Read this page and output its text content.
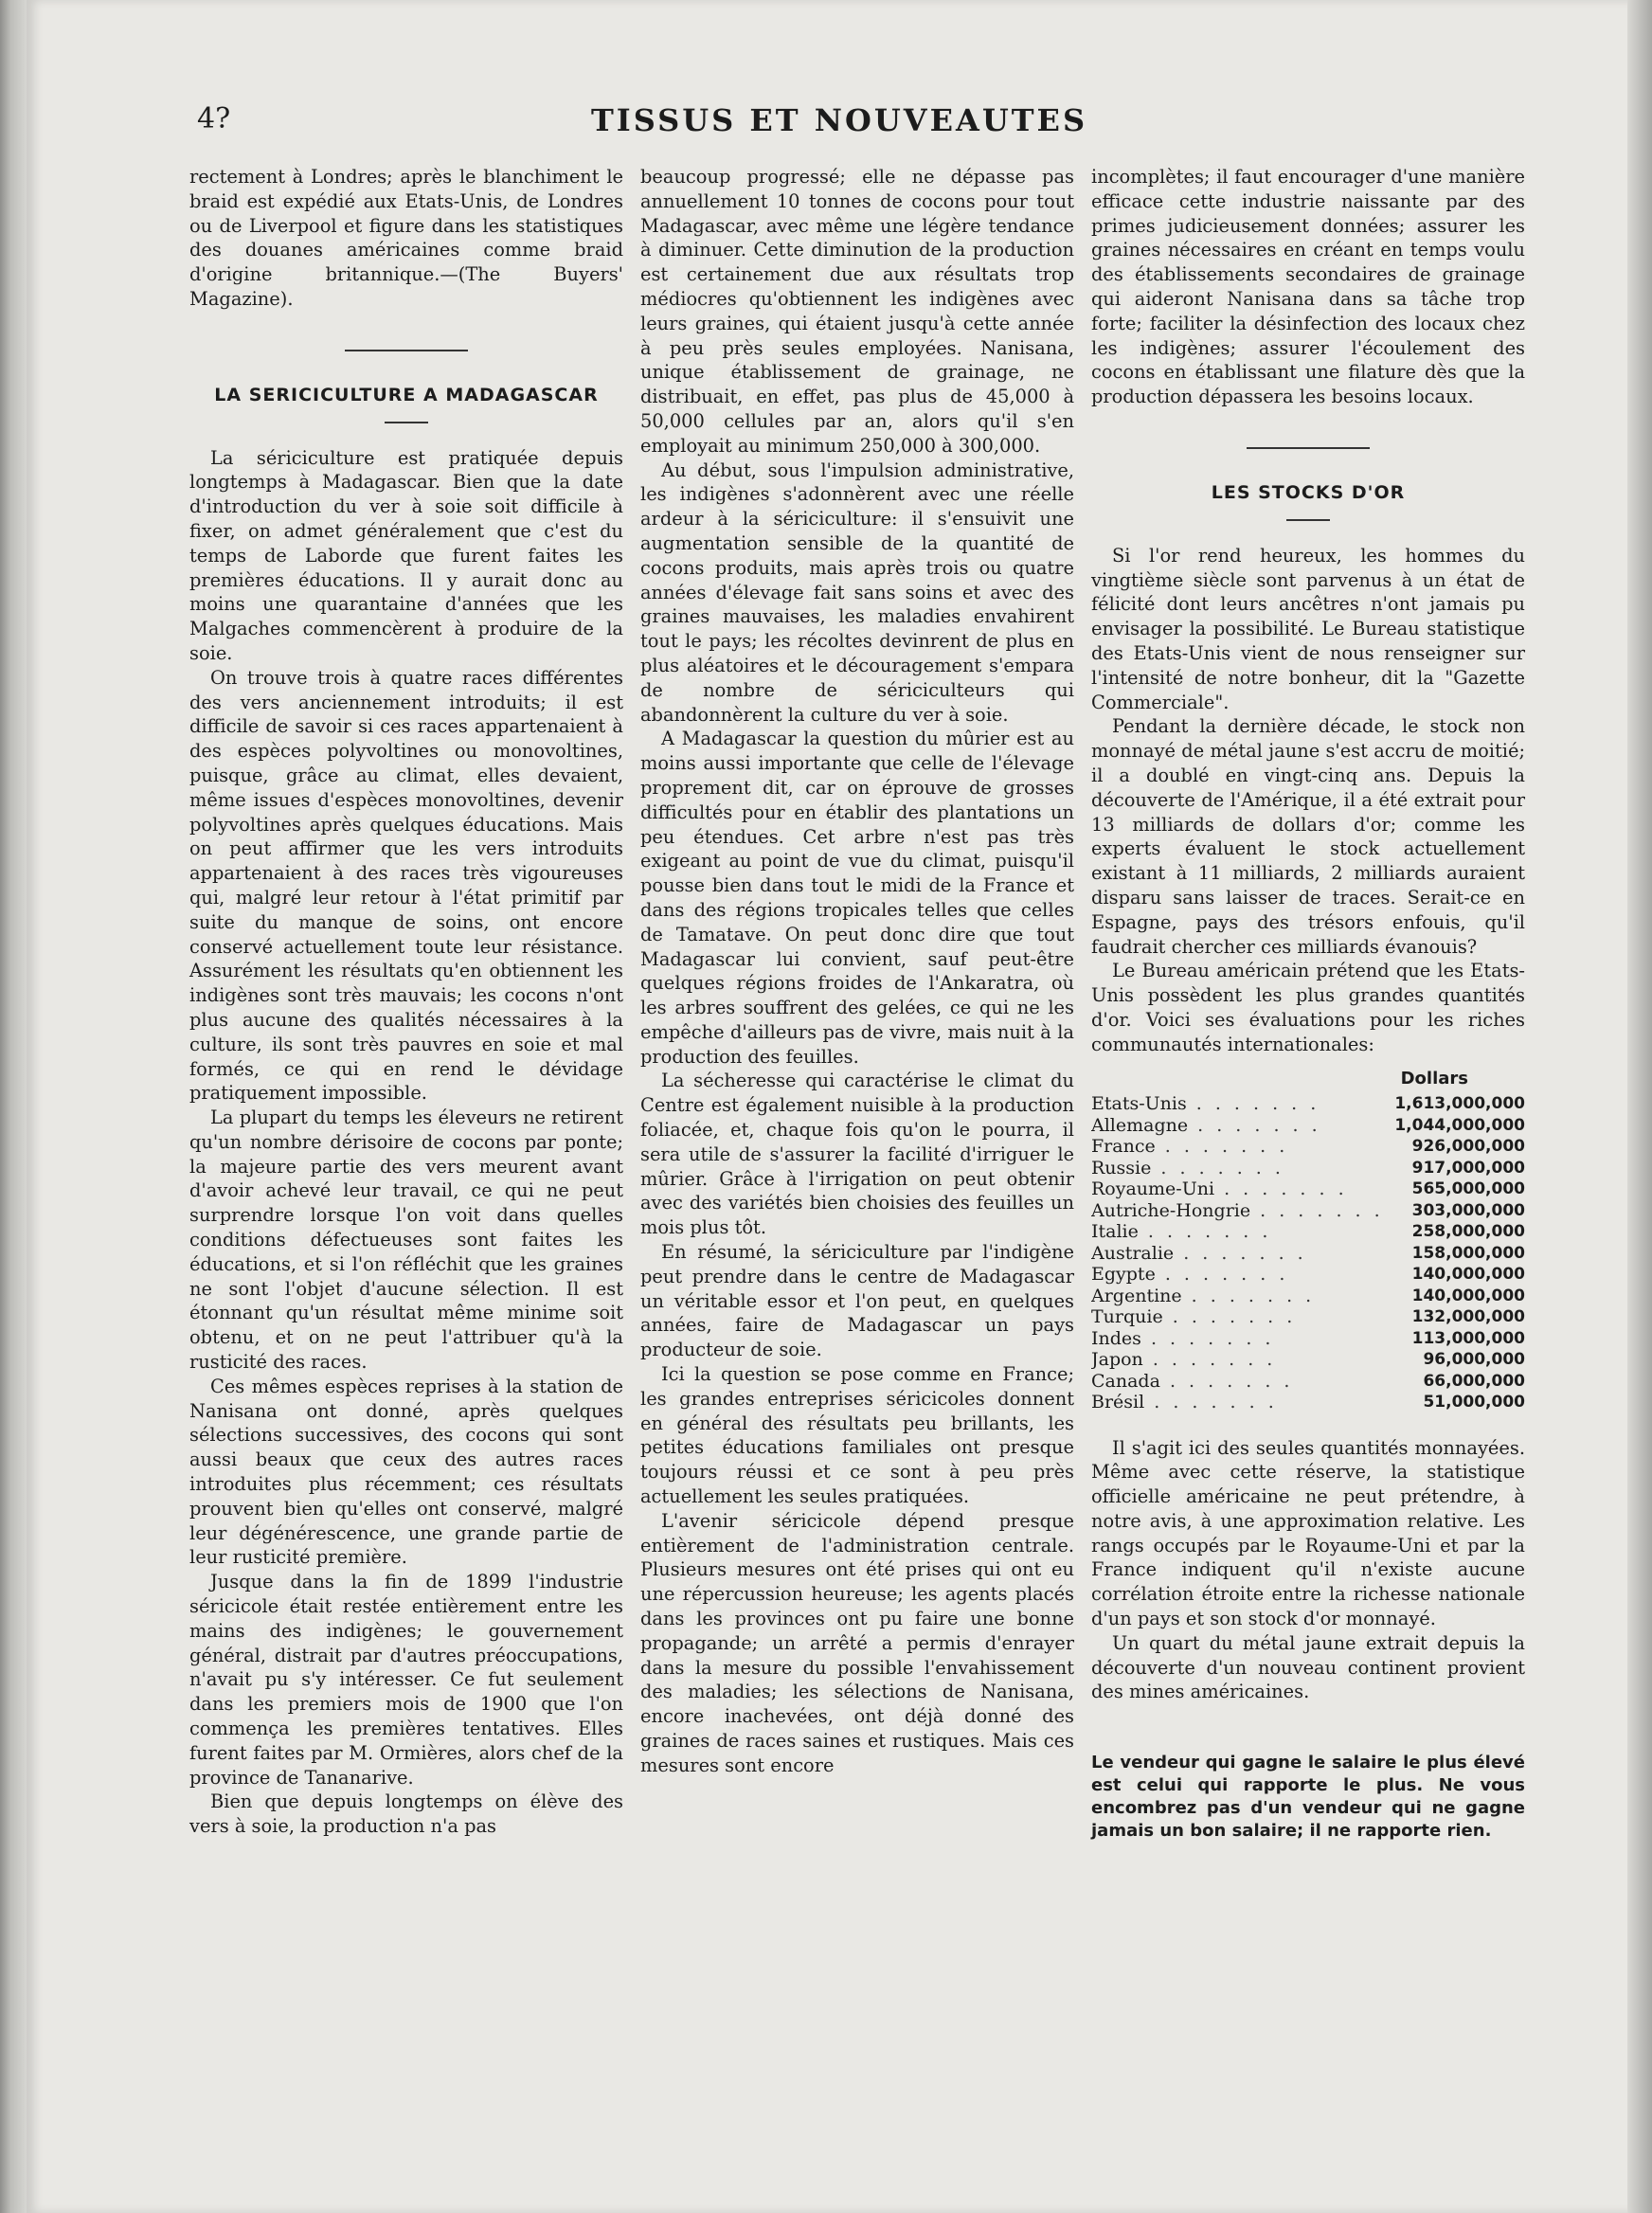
4?	TISSUS ET NOUVEAUTES

rectement à Londres; après le blanchiment le braid est expédié aux Etats-Unis, de Londres ou de Liverpool et figure dans les statistiques des douanes américaines comme braid d'origine britannique.—(The Buyers' Magazine).

LA SERICICULTURE A MADAGASCAR

La sériciculture est pratiquée depuis longtemps à Madagascar. Bien que la date d'introduction du ver à soie soit difficile à fixer, on admet généralement que c'est du temps de Laborde que furent faites les premières éducations. Il y aurait donc au moins une quarantaine d'années que les Malgaches commencèrent à produire de la soie.

On trouve trois à quatre races différentes des vers anciennement introduits; il est difficile de savoir si ces races appartenaient à des espèces polyvoltines ou monovoltines, puisque, grâce au climat, elles devaient, même issues d'espèces monovoltines, devenir polyvoltines après quelques éducations. Mais on peut affirmer que les vers introduits appartenaient à des races très vigoureuses qui, malgré leur retour à l'état primitif par suite du manque de soins, ont encore conservé actuellement toute leur résistance. Assurément les résultats qu'en obtiennent les indigènes sont très mauvais; les cocons n'ont plus aucune des qualités nécessaires à la culture, ils sont très pauvres en soie et mal formés, ce qui en rend le dévidage pratiquement impossible.

La plupart du temps les éleveurs ne retirent qu'un nombre dérisoire de cocons par ponte; la majeure partie des vers meurent avant d'avoir achevé leur travail, ce qui ne peut surprendre lorsque l'on voit dans quelles conditions défectueuses sont faites les éducations, et si l'on réfléchit que les graines ne sont l'objet d'aucune sélection. Il est étonnant qu'un résultat même minime soit obtenu, et on ne peut l'attribuer qu'à la rusticité des races.

Ces mêmes espèces reprises à la station de Nanisana ont donné, après quelques sélections successives, des cocons qui sont aussi beaux que ceux des autres races introduites plus récemment; ces résultats prouvent bien qu'elles ont conservé, malgré leur dégénérescence, une grande partie de leur rusticité première.

Jusque dans la fin de 1899 l'industrie séricicole était restée entièrement entre les mains des indigènes; le gouvernement général, distrait par d'autres préoccupations, n'avait pu s'y intéresser. Ce fut seulement dans les premiers mois de 1900 que l'on commença les premières tentatives. Elles furent faites par M. Ormières, alors chef de la province de Tananarive.

Bien que depuis longtemps on élève des vers à soie, la production n'a pas

beaucoup progressé; elle ne dépasse pas annuellement 10 tonnes de cocons pour tout Madagascar, avec même une légère tendance à diminuer. Cette diminution de la production est certainement due aux résultats trop médiocres qu'obtiennent les indigènes avec leurs graines, qui étaient jusqu'à cette année à peu près seules employées. Nanisana, unique établissement de grainage, ne distribuait, en effet, pas plus de 45,000 à 50,000 cellules par an, alors qu'il s'en employait au minimum 250,000 à 300,000.

Au début, sous l'impulsion administrative, les indigènes s'adonnèrent avec une réelle ardeur à la sériciculture: il s'ensuivit une augmentation sensible de la quantité de cocons produits, mais après trois ou quatre années d'élevage fait sans soins et avec des graines mauvaises, les maladies envahirent tout le pays; les récoltes devinrent de plus en plus aléatoires et le découragement s'empara de nombre de sériciculteurs qui abandonnèrent la culture du ver à soie.

A Madagascar la question du mûrier est au moins aussi importante que celle de l'élevage proprement dit, car on éprouve de grosses difficultés pour en établir des plantations un peu étendues. Cet arbre n'est pas très exigeant au point de vue du climat, puisqu'il pousse bien dans tout le midi de la France et dans des régions tropicales telles que celles de Tamatave. On peut donc dire que tout Madagascar lui convient, sauf peut-être quelques régions froides de l'Ankaratra, où les arbres souffrent des gelées, ce qui ne les empêche d'ailleurs pas de vivre, mais nuit à la production des feuilles.

La sécheresse qui caractérise le climat du Centre est également nuisible à la production foliacée, et, chaque fois qu'on le pourra, il sera utile de s'assurer la facilité d'irriguer le mûrier. Grâce à l'irrigation on peut obtenir avec des variétés bien choisies des feuilles un mois plus tôt.

En résumé, la sériciculture par l'indigène peut prendre dans le centre de Madagascar un véritable essor et l'on peut, en quelques années, faire de Madagascar un pays producteur de soie.

Ici la question se pose comme en France; les grandes entreprises séricicoles donnent en général des résultats peu brillants, les petites éducations familiales ont presque toujours réussi et ce sont à peu près actuellement les seules pratiquées.

L'avenir séricicole dépend presque entièrement de l'administration centrale. Plusieurs mesures ont été prises qui ont eu une répercussion heureuse; les agents placés dans les provinces ont pu faire une bonne propagande; un arrêté a permis d'enrayer dans la mesure du possible l'envahissement des maladies; les sélections de Nanisana, encore inachevées, ont déjà donné des graines de races saines et rustiques. Mais ces mesures sont encore

incomplètes; il faut encourager d'une manière efficace cette industrie naissante par des primes judicieusement données; assurer les graines nécessaires en créant en temps voulu des établissements secondaires de grainage qui aideront Nanisana dans sa tâche trop forte; faciliter la désinfection des locaux chez les indigènes; assurer l'écoulement des cocons en établissant une filature dès que la production dépassera les besoins locaux.

LES STOCKS D'OR

Si l'or rend heureux, les hommes du vingtième siècle sont parvenus à un état de félicité dont leurs ancêtres n'ont jamais pu envisager la possibilité. Le Bureau statistique des Etats-Unis vient de nous renseigner sur l'intensité de notre bonheur, dit la "Gazette Commerciale".

Pendant la dernière décade, le stock non monnayé de métal jaune s'est accru de moitié; il a doublé en vingt-cinq ans. Depuis la découverte de l'Amérique, il a été extrait pour 13 milliards de dollars d'or; comme les experts évaluent le stock actuellement existant à 11 milliards, 2 milliards auraient disparu sans laisser de traces. Serait-ce en Espagne, pays des trésors enfouis, qu'il faudrait chercher ces milliards évanouis?

Le Bureau américain prétend que les Etats-Unis possèdent les plus grandes quantités d'or. Voici ses évaluations pour les riches communautés internationales:

Dollars
Etats-Unis . . .	1,613,000,000
Allemagne . . .	1,044,000,000
France . . .	926,000,000
Russie . . .	917,000,000
Royaume-Uni . . .	565,000,000
Autriche-Hongrie . . .	303,000,000
Italie . . .	258,000,000
Australie . . .	158,000,000
Egypte . . .	140,000,000
Argentine . . .	140,000,000
Turquie . . .	132,000,000
Indes . . .	113,000,000
Japon . . .	96,000,000
Canada . . .	66,000,000
Brésil . . .	51,000,000

Il s'agit ici des seules quantités monnayées. Même avec cette réserve, la statistique officielle américaine ne peut prétendre, à notre avis, à une approximation relative. Les rangs occupés par le Royaume-Uni et par la France indiquent qu'il n'existe aucune corrélation étroite entre la richesse nationale d'un pays et son stock d'or monnayé.

Un quart du métal jaune extrait depuis la découverte d'un nouveau continent provient des mines américaines.

Le vendeur qui gagne le salaire le plus élevé est celui qui rapporte le plus. Ne vous encombrez pas d'un vendeur qui ne gagne jamais un bon salaire; il ne rapporte rien.
